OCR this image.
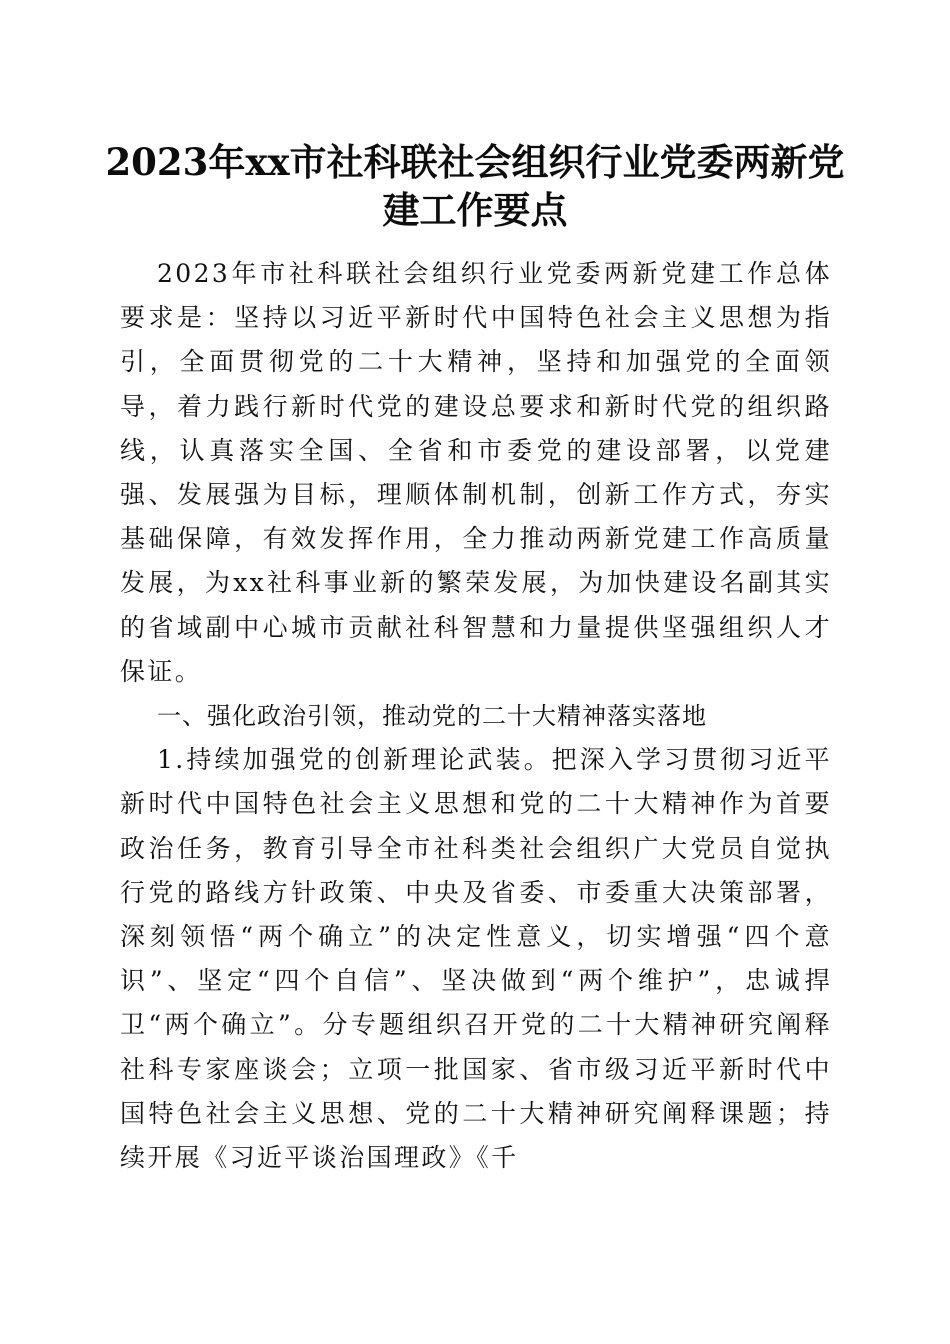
2023年xx市社科联社会组织行业党委两新党
建工作要点

2023年市社科联社会组织行业党委两新党建工作总体要求是：坚持以习近平新时代中国特色社会主义思想为指引，全面贯彻党的二十大精神，坚持和加强党的全面领导，着力践行新时代党的建设总要求和新时代党的组织路线，认真落实全国、全省和市委党的建设部署，以党建强、发展强为目标，理顺体制机制，创新工作方式，夯实基础保障，有效发挥作用，全力推动两新党建工作高质量发展，为xx社科事业新的繁荣发展，为加快建设名副其实的省域副中心城市贡献社科智慧和力量提供坚强组织人才保证。

一、强化政治引领，推动党的二十大精神落实落地

1.持续加强党的创新理论武装。把深入学习贯彻习近平新时代中国特色社会主义思想和党的二十大精神作为首要政治任务，教育引导全市社科类社会组织广大党员自觉执行党的路线方针政策、中央及省委、市委重大决策部署，深刻领悟“两个确立”的决定性意义，切实增强“四个意识”、坚定“四个自信”、坚决做到“两个维护”，忠诚捍卫“两个确立”。分专题组织召开党的二十大精神研究阐释社科专家座谈会；立项一批国家、省市级习近平新时代中国特色社会主义思想、党的二十大精神研究阐释课题；持续开展《习近平谈治国理政》《千
